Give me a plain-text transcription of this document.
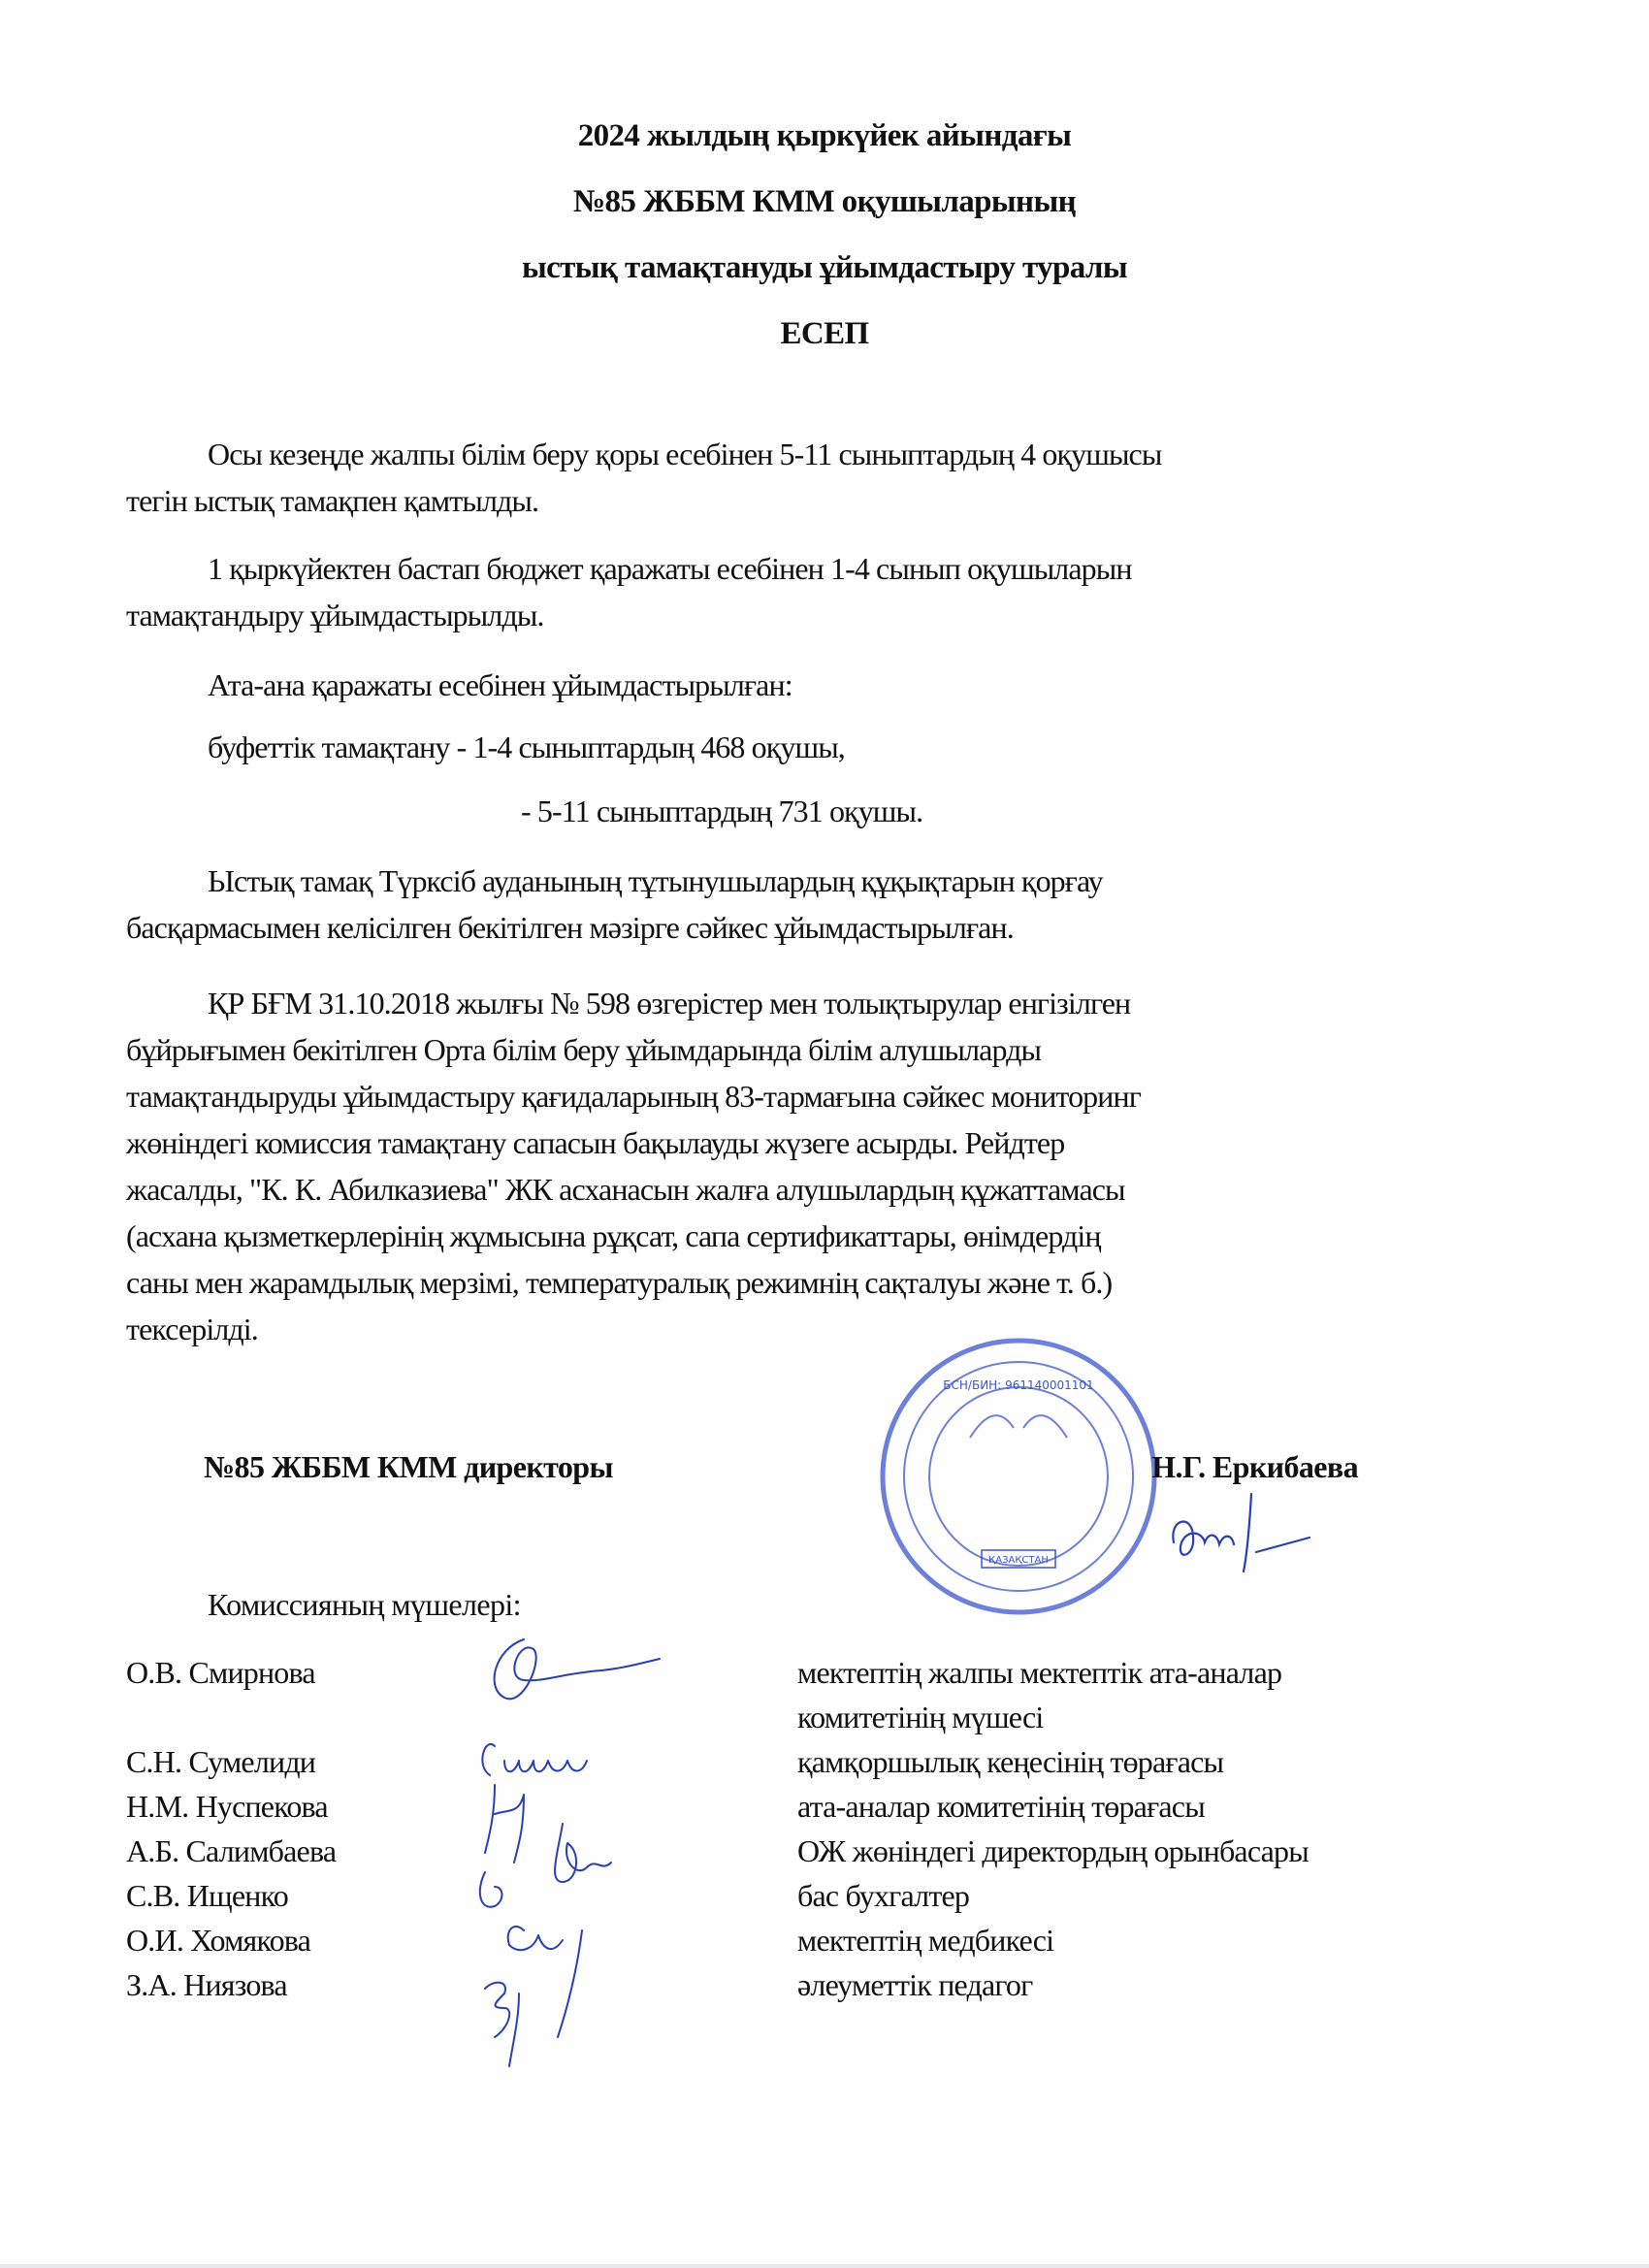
2024 жылдың қыркүйек айындағы
№85 ЖББМ КММ оқушыларының
ыстық тамақтануды ұйымдастыру туралы
ЕСЕП
Осы кезеңде жалпы білім беру қоры есебінен 5-11 сыныптардың 4 оқушысы
тегін ыстық тамақпен қамтылды.
1 қыркүйектен бастап бюджет қаражаты есебінен 1-4 сынып оқушыларын
тамақтандыру ұйымдастырылды.
Ата-ана қаражаты есебінен ұйымдастырылған:
буфеттік тамақтану - 1-4 сыныптардың 468 оқушы,
- 5-11 сыныптардың 731 оқушы.
Ыстық тамақ Түрксіб ауданының тұтынушылардың құқықтарын қорғау
басқармасымен келісілген бекітілген мәзірге сәйкес ұйымдастырылған.
ҚР БҒМ 31.10.2018 жылғы № 598 өзгерістер мен толықтырулар енгізілген
бұйрығымен бекітілген Орта білім беру ұйымдарында білім алушыларды
тамақтандыруды ұйымдастыру қағидаларының 83-тармағына сәйкес мониторинг
жөніндегі комиссия тамақтану сапасын бақылауды жүзеге асырды. Рейдтер
жасалды, "К. К. Абилказиева" ЖК асханасын жалға алушылардың құжаттамасы
(асхана қызметкерлерінің жұмысына рұқсат, сапа сертификаттары, өнімдердің
саны мен жарамдылық мерзімі, температуралық режимнің сақталуы және т. б.)
тексерілді.
БСН/БИН: 961140001101
ҚАЗАҚСТАН
№85 ЖББМ КММ директоры	Н.Г. Еркибаева
Комиссияның мүшелері:
О.В. Смирнова	мектептің жалпы мектептік ата-аналар
комитетінің мүшесі
С.Н. Сумелиди	қамқоршылық кеңесінің төрағасы
Н.М. Нуспекова	ата-аналар комитетінің төрағасы
А.Б. Салимбаева	ОЖ жөніндегі директордың орынбасары
С.В. Ищенко	бас бухгалтер
О.И. Хомякова	мектептің медбикесі
З.А. Ниязова	әлеуметтік педагог
